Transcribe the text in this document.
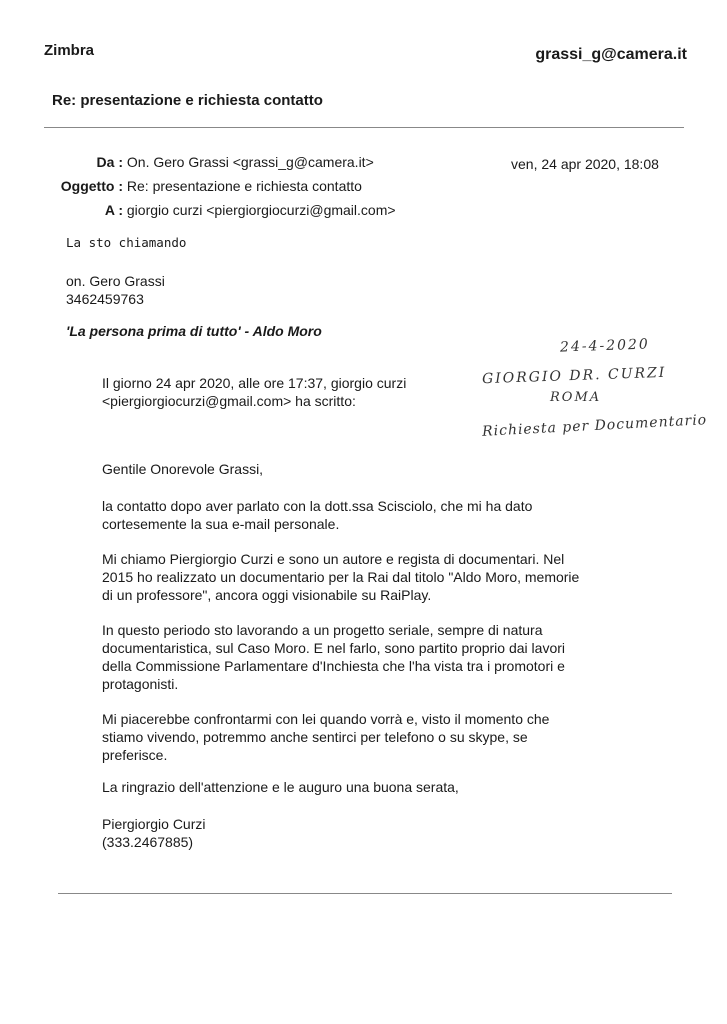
Zimbra	grassi_g@camera.it
Re: presentazione e richiesta contatto
Da : On. Gero Grassi <grassi_g@camera.it>	ven, 24 apr 2020, 18:08
Oggetto : Re: presentazione e richiesta contatto
A : giorgio curzi <piergiorgiocurzi@gmail.com>
La sto chiamando
on. Gero Grassi
3462459763
'La persona prima di tutto' - Aldo Moro
24-4-2020
GIORGIO DR. CURZI
ROMA
Richiesta per Documentario
Il giorno 24 apr 2020, alle ore 17:37, giorgio curzi
<piergiorgiocurzi@gmail.com> ha scritto:
Gentile Onorevole Grassi,
la contatto dopo aver parlato con la dott.ssa Scisciolo, che mi ha dato
cortesemente la sua e-mail personale.
Mi chiamo Piergiorgio Curzi e sono un autore e regista di documentari. Nel
2015 ho realizzato un documentario per la Rai dal titolo "Aldo Moro, memorie
di un professore", ancora oggi visionabile su RaiPlay.
In questo periodo sto lavorando a un progetto seriale, sempre di natura
documentaristica, sul Caso Moro. E nel farlo, sono partito proprio dai lavori
della Commissione Parlamentare d'Inchiesta che l'ha vista tra i promotori e
protagonisti.
Mi piacerebbe confrontarmi con lei quando vorrà e, visto il momento che
stiamo vivendo, potremmo anche sentirci per telefono o su skype, se
preferisce.
La ringrazio dell'attenzione e le auguro una buona serata,
Piergiorgio Curzi
(333.2467885)
